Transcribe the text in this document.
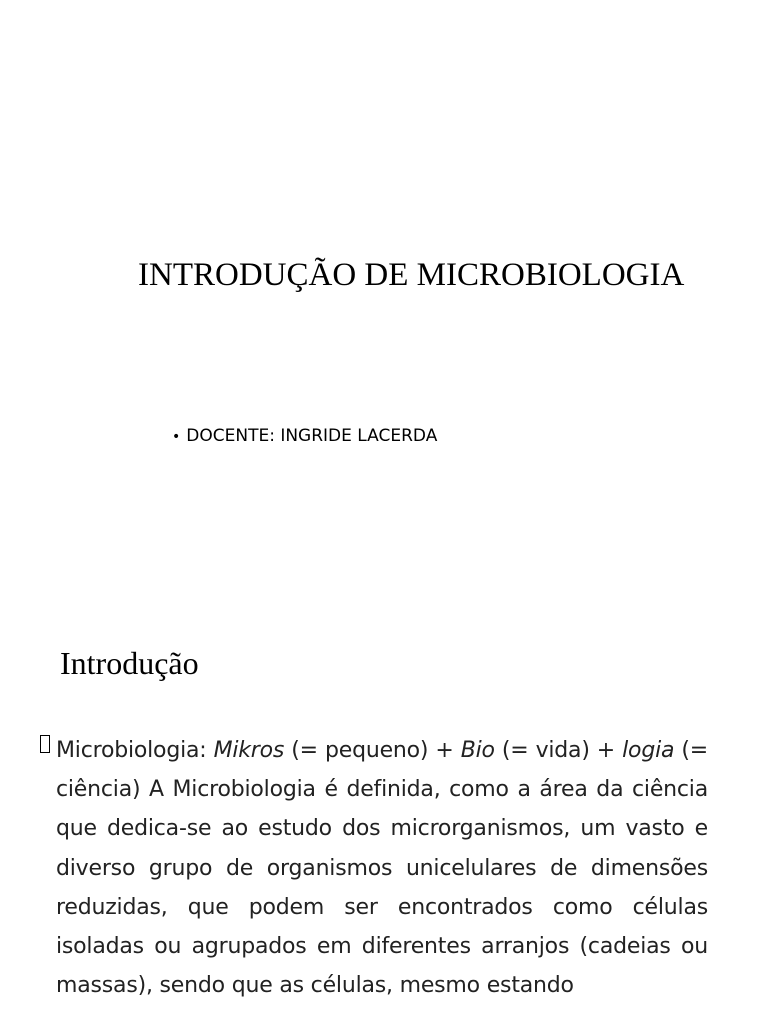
INTRODUÇÃO DE MICROBIOLOGIA
• DOCENTE: INGRIDE LACERDA
Introdução

Microbiologia: Mikros (= pequeno) + Bio (= vida) + logia (= ciência) A Microbiologia é definida, como a área da ciência que dedica-se ao estudo dos microrganismos, um vasto e diverso grupo de organismos unicelulares de dimensões reduzidas, que podem ser encontrados como células isoladas ou agrupados em diferentes arranjos (cadeias ou massas), sendo que as células, mesmo estando
